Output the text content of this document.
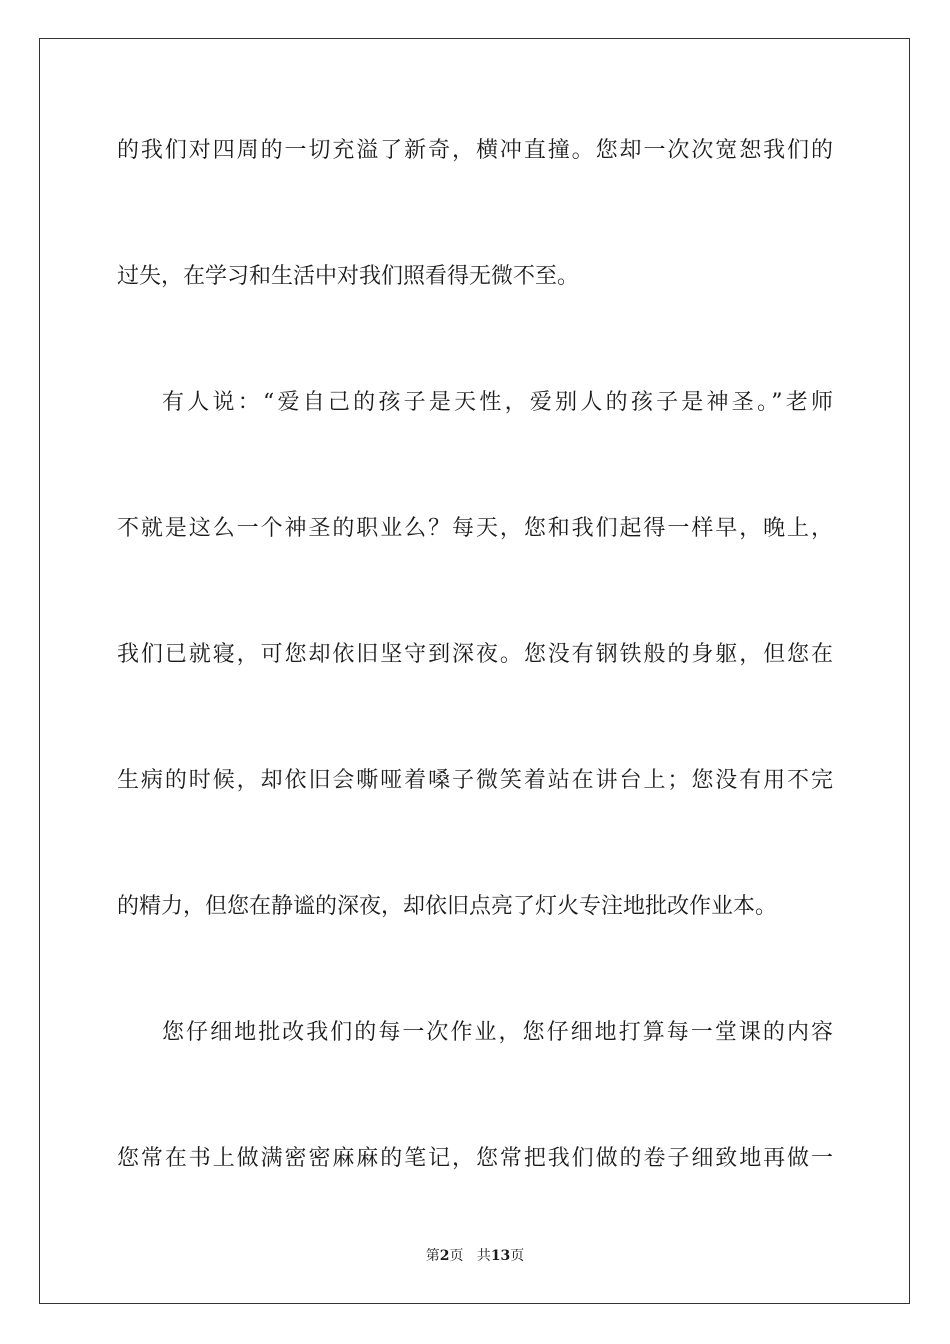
的我们对四周的一切充溢了新奇，横冲直撞。您却一次次宽恕我们的
过失，在学习和生活中对我们照看得无微不至。
有人说：“爱自己的孩子是天性，爱别人的孩子是神圣。”老师
不就是这么一个神圣的职业么？每天，您和我们起得一样早，晚上，
我们已就寝，可您却依旧坚守到深夜。您没有钢铁般的身躯，但您在
生病的时候，却依旧会嘶哑着嗓子微笑着站在讲台上；您没有用不完
的精力，但您在静谧的深夜，却依旧点亮了灯火专注地批改作业本。
您仔细地批改我们的每一次作业，您仔细地打算每一堂课的内容
您常在书上做满密密麻麻的笔记，您常把我们做的卷子细致地再做一
第2页 共13页
